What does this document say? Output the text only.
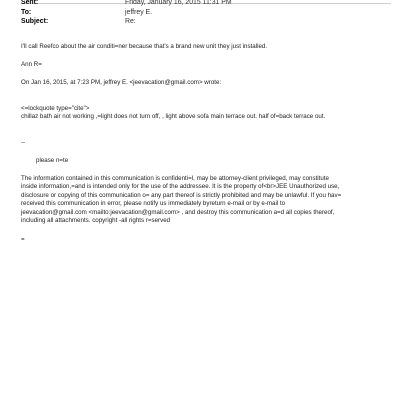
Sent:	Friday, January 16, 2015 11:31 PM
To:	jeffrey E.
Subject:	Re:
I'll call Reefco about the air conditi=ner because that's a brand new unit they just installed.
Ann R=
On Jan 16, 2015, at 7:23 PM, jeffrey E. <jeevacation@gmail.com> wrote:
<=lockquote type="cite">
chillaz bath air not working ,=light does not turn off, , light above sofa main terrace out. half of=back terrace out.
--
please n=te
The information contained in this communication is confidenti=l, may be attorney-client privileged, may constitute
inside information,=and is intended only for the use of the addressee. It is the property of<br>JEE Unauthorized use,
disclosure or copying of this communication o= any part thereof is strictly prohibited and may be unlawful. If you hav=
received this communication in error, please notify us immediately byreturn e-mail or by e-mail to
jeevacation@gmail.com <mailto:jeevacation@gmail.com> , and destroy this communication a=d all copies thereof,
including all attachments. copyright -all rights r=served
=
